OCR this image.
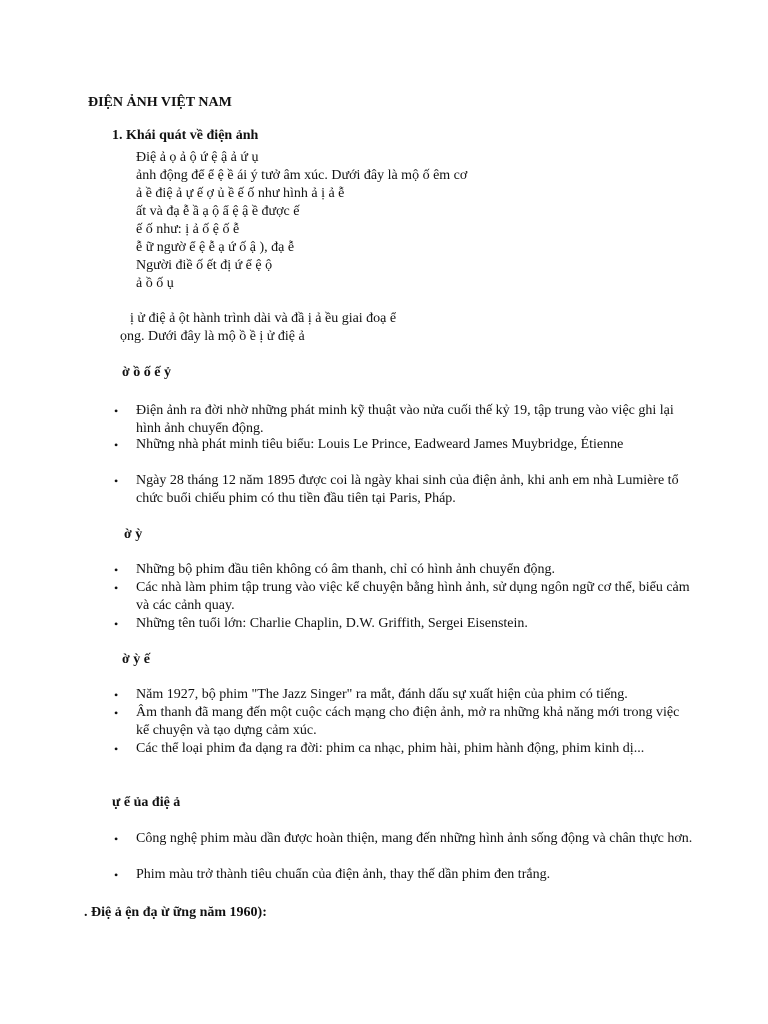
ĐIỆN ẢNH VIỆT NAM
1. Khái quát về điện ảnh
Điệ ả ọ ả ộ ứ ệ ậ ả ứ ụ
ảnh động để ể ệ ề ái ý tưở âm xúc. Dưới đây là mộ ố êm cơ
ả ề điệ ả ự ế ợ ủ ề ế ố như hình ả ị ả ễ
ất và đạ ễ ầ ạ ộ ẩ ệ ậ ề được ế
ế ố như: ị ả ố ệ ố ễ
ễ ữ ngườ ể ệ ễ ạ ứ ố ậ ), đạ ễ
Người điề ố ết đị ứ ể ệ ộ
ả ồ ố ụ
ị ử điệ ả ột hành trình dài và đầ ị ả ều giai đoạ ể
ọng. Dưới đây là mộ ồ ề ị ử điệ ả
ờ ồ ố ế ỷ
• Điện ảnh ra đời nhờ những phát minh kỹ thuật vào nửa cuối thế kỷ 19, tập trung vào việc ghi lại hình ảnh chuyển động.
• Những nhà phát minh tiêu biểu: Louis Le Prince, Eadweard James Muybridge, Étienne
• Ngày 28 tháng 12 năm 1895 được coi là ngày khai sinh của điện ảnh, khi anh em nhà Lumière tổ chức buổi chiếu phim có thu tiền đầu tiên tại Paris, Pháp.
ờ ỳ
• Những bộ phim đầu tiên không có âm thanh, chỉ có hình ảnh chuyển động.
• Các nhà làm phim tập trung vào việc kể chuyện bằng hình ảnh, sử dụng ngôn ngữ cơ thể, biểu cảm và các cảnh quay.
• Những tên tuổi lớn: Charlie Chaplin, D.W. Griffith, Sergei Eisenstein.
ờ ỳ ế
• Năm 1927, bộ phim "The Jazz Singer" ra mắt, đánh dấu sự xuất hiện của phim có tiếng.
• Âm thanh đã mang đến một cuộc cách mạng cho điện ảnh, mở ra những khả năng mới trong việc kể chuyện và tạo dựng cảm xúc.
• Các thể loại phim đa dạng ra đời: phim ca nhạc, phim hài, phim hành động, phim kinh dị...
ự ể ủa điệ ả
• Công nghệ phim màu dần được hoàn thiện, mang đến những hình ảnh sống động và chân thực hơn.
• Phim màu trở thành tiêu chuẩn của điện ảnh, thay thế dần phim đen trắng.
. Điệ ả ện đạ ừ ững năm 1960):
